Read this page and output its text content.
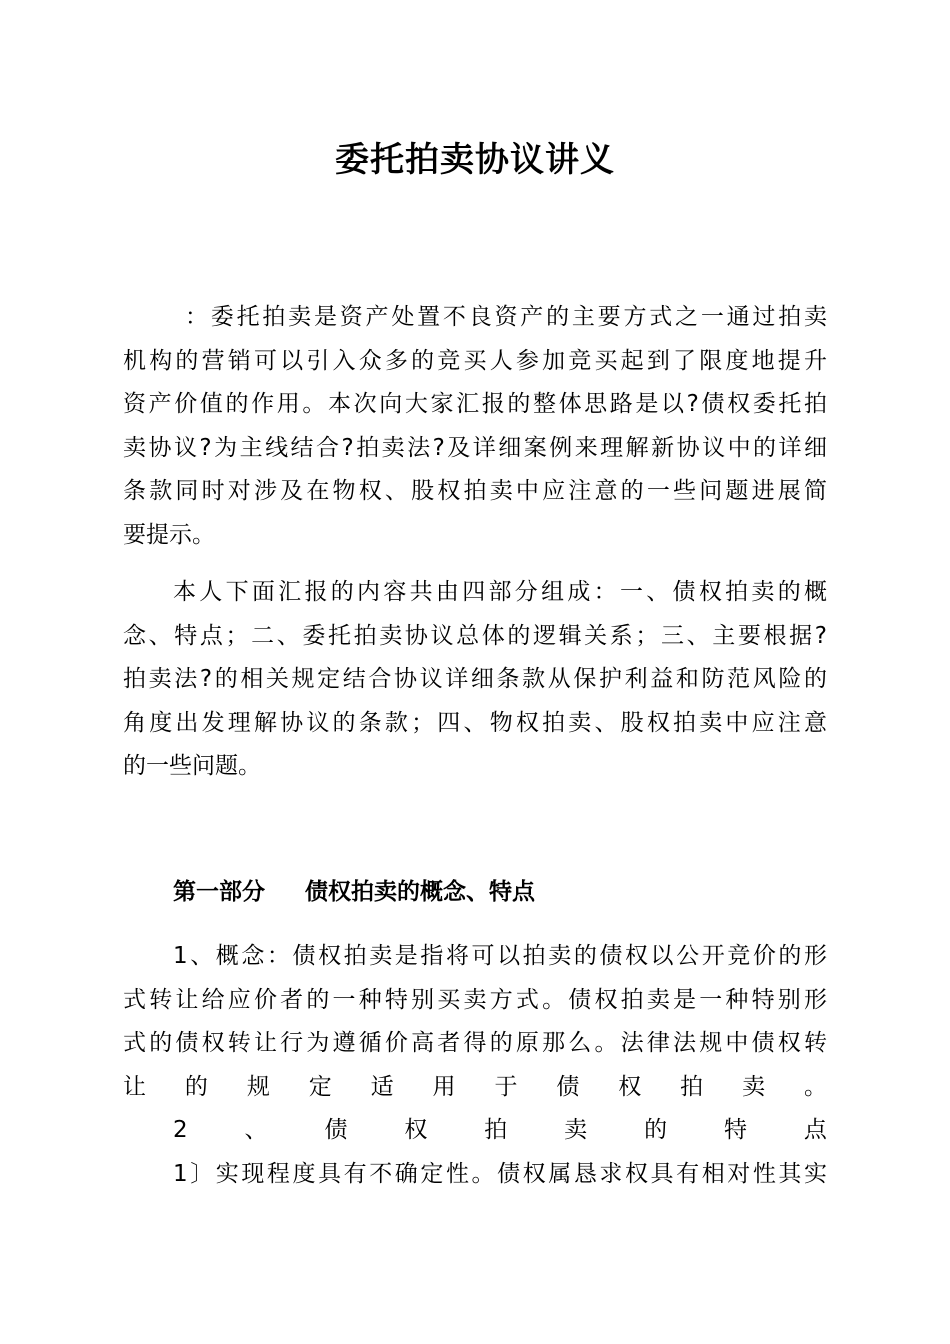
委托拍卖协议讲义
：委托拍卖是资产处置不良资产的主要方式之一通过拍卖
机构的营销可以引入众多的竞买人参加竞买起到了限度地提升
资产价值的作用。本次向大家汇报的整体思路是以?债权委托拍
卖协议?为主线结合?拍卖法?及详细案例来理解新协议中的详细
条款同时对涉及在物权、股权拍卖中应注意的一些问题进展简
要提示。
本人下面汇报的内容共由四部分组成：一、债权拍卖的概
念、特点；二、委托拍卖协议总体的逻辑关系；三、主要根据?
拍卖法?的相关规定结合协议详细条款从保护利益和防范风险的
角度出发理解协议的条款；四、物权拍卖、股权拍卖中应注意
的一些问题。
第一部分 债权拍卖的概念、特点
1、概念：债权拍卖是指将可以拍卖的债权以公开竞价的形
式转让给应价者的一种特别买卖方式。债权拍卖是一种特别形
式的债权转让行为遵循价高者得的原那么。法律法规中债权转
让 的 规 定 适 用 于 债 权 拍 卖 。
2 、 债 权 拍 卖 的 特 点
1〕实现程度具有不确定性。债权属恳求权具有相对性其实
